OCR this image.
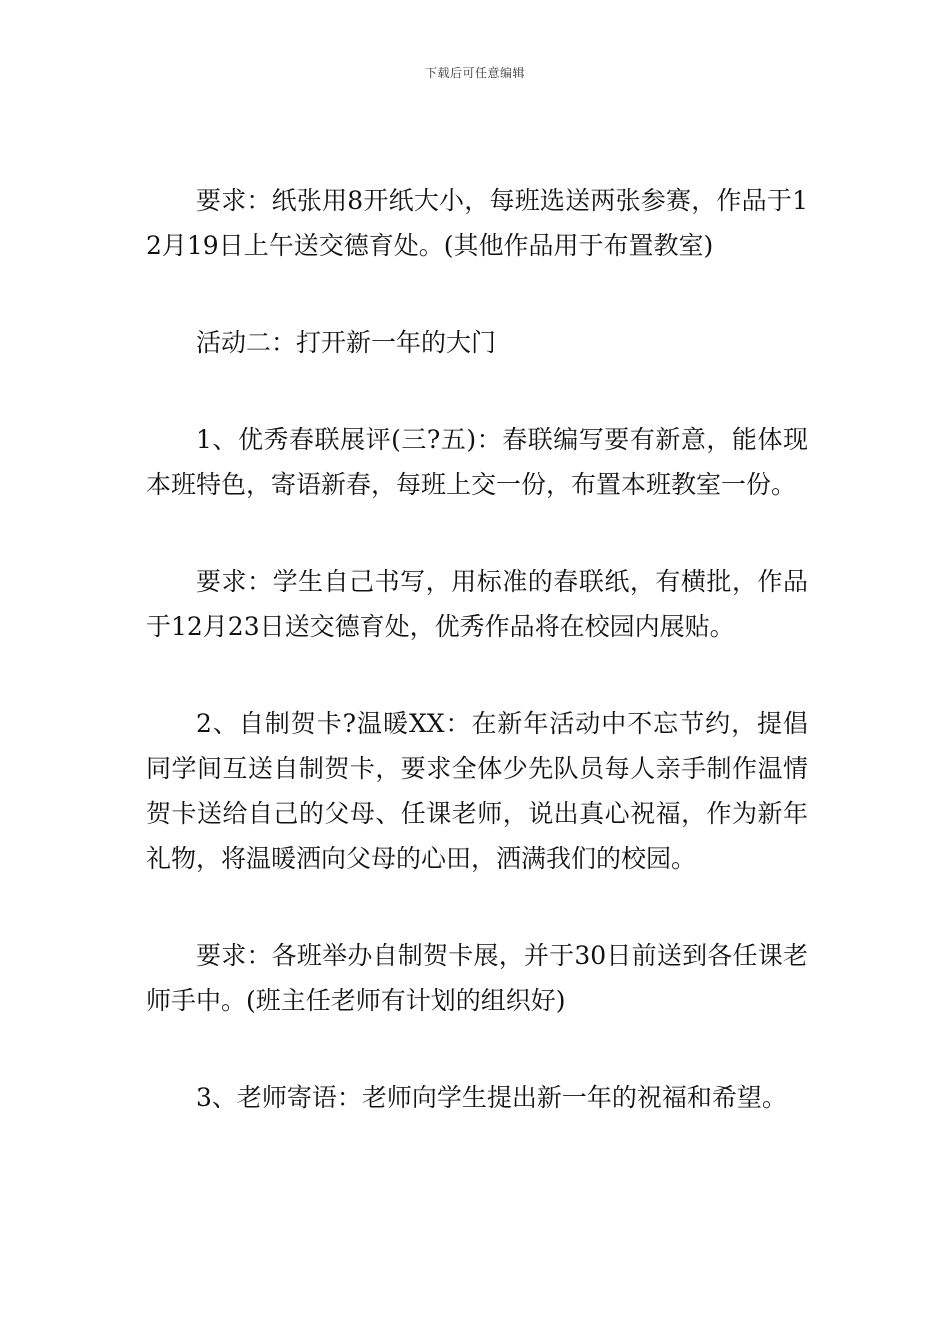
下载后可任意编辑

要求：纸张用8开纸大小，每班选送两张参赛，作品于12月19日上午送交德育处。(其他作品用于布置教室)

活动二：打开新一年的大门

1、优秀春联展评(三?五)：春联编写要有新意，能体现本班特色，寄语新春，每班上交一份，布置本班教室一份。

要求：学生自己书写，用标准的春联纸，有横批，作品于12月23日送交德育处，优秀作品将在校园内展贴。

2、自制贺卡?温暖XX：在新年活动中不忘节约，提倡同学间互送自制贺卡，要求全体少先队员每人亲手制作温情贺卡送给自己的父母、任课老师，说出真心祝福，作为新年礼物，将温暖洒向父母的心田，洒满我们的校园。

要求：各班举办自制贺卡展，并于30日前送到各任课老师手中。(班主任老师有计划的组织好)

3、老师寄语：老师向学生提出新一年的祝福和希望。
